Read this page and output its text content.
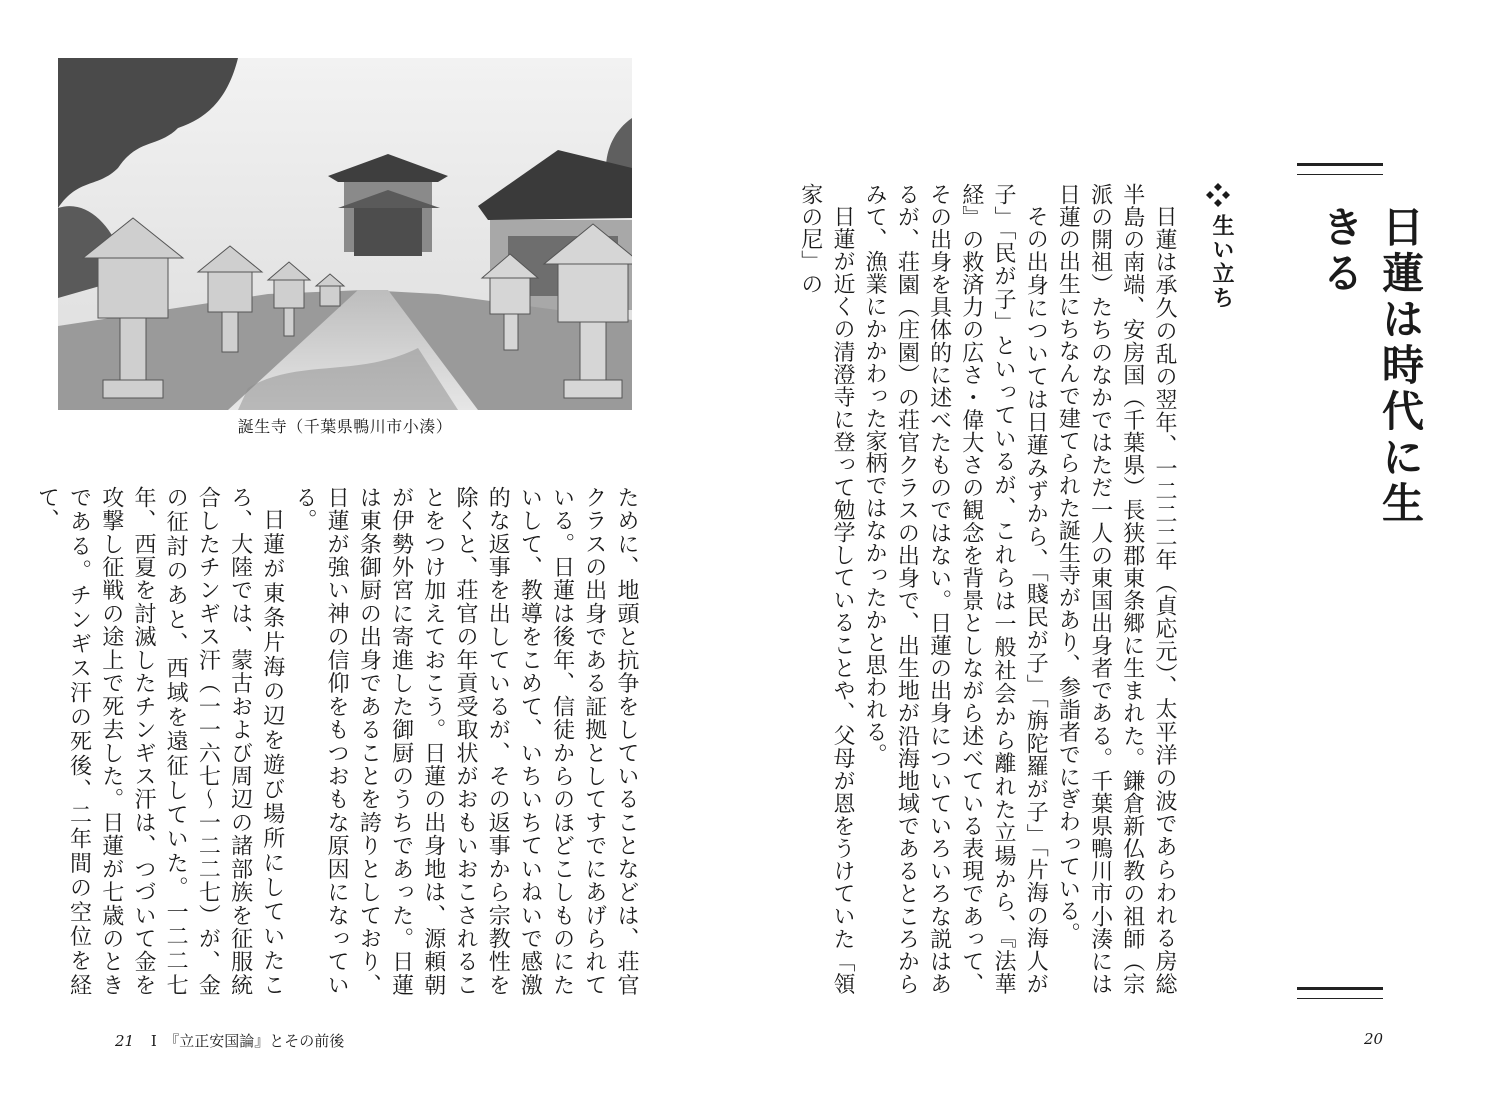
日蓮は時代に生きる
生い立ち

日蓮は承久の乱の翌年、一二二二年（貞応元）、太平洋の波であらわれる房総半島の南端、安房国（千葉県）長狭郡東条郷に生まれた。鎌倉新仏教の祖師（宗派の開祖）たちのなかではただ一人の東国出身者である。千葉県鴨川市小湊には日蓮の出生にちなんで建てられた誕生寺があり、参詣者でにぎわっている。

その出身については日蓮みずから、「賤民が子」「旃陀羅が子」「片海の海人が子」「民が子」といっているが、これらは一般社会から離れた立場から、『法華経』の救済力の広さ・偉大さの観念を背景としながら述べている表現であって、その出身を具体的に述べたものではない。日蓮の出身についていろいろな説はあるが、荘園（庄園）の荘官クラスの出身で、出生地が沿海地域であるところからみて、漁業にかかわった家柄ではなかったかと思われる。

日蓮が近くの清澄寺に登って勉学していることや、父母が恩をうけていた「領家の尼」の

20
誕生寺（千葉県鴨川市小湊）

ために、地頭と抗争をしていることなどは、荘官クラスの出身である証拠としてすでにあげられている。日蓮は後年、信徒からのほどこしものにたいして、教導をこめて、いちいちていねいで感激的な返事を出しているが、その返事から宗教性を除くと、荘官の年貢受取状がおもいおこされることをつけ加えておこう。日蓮の出身地は、源頼朝が伊勢外宮に寄進した御厨のうちであった。日蓮は東条御厨の出身であることを誇りとしており、日蓮が強い神の信仰をもつおもな原因になっている。

日蓮が東条片海の辺を遊び場所にしていたころ、大陸では、蒙古および周辺の諸部族を征服統合したチンギス汗（一一六七〜一二二七）が、金の征討のあと、西域を遠征していた。一二二七年、西夏を討滅したチンギス汗は、つづいて金を攻撃し征戦の途上で死去した。日蓮が七歳のときである。チンギス汗の死後、二年間の空位を経て、

21 Ⅰ　『立正安国論』とその前後
